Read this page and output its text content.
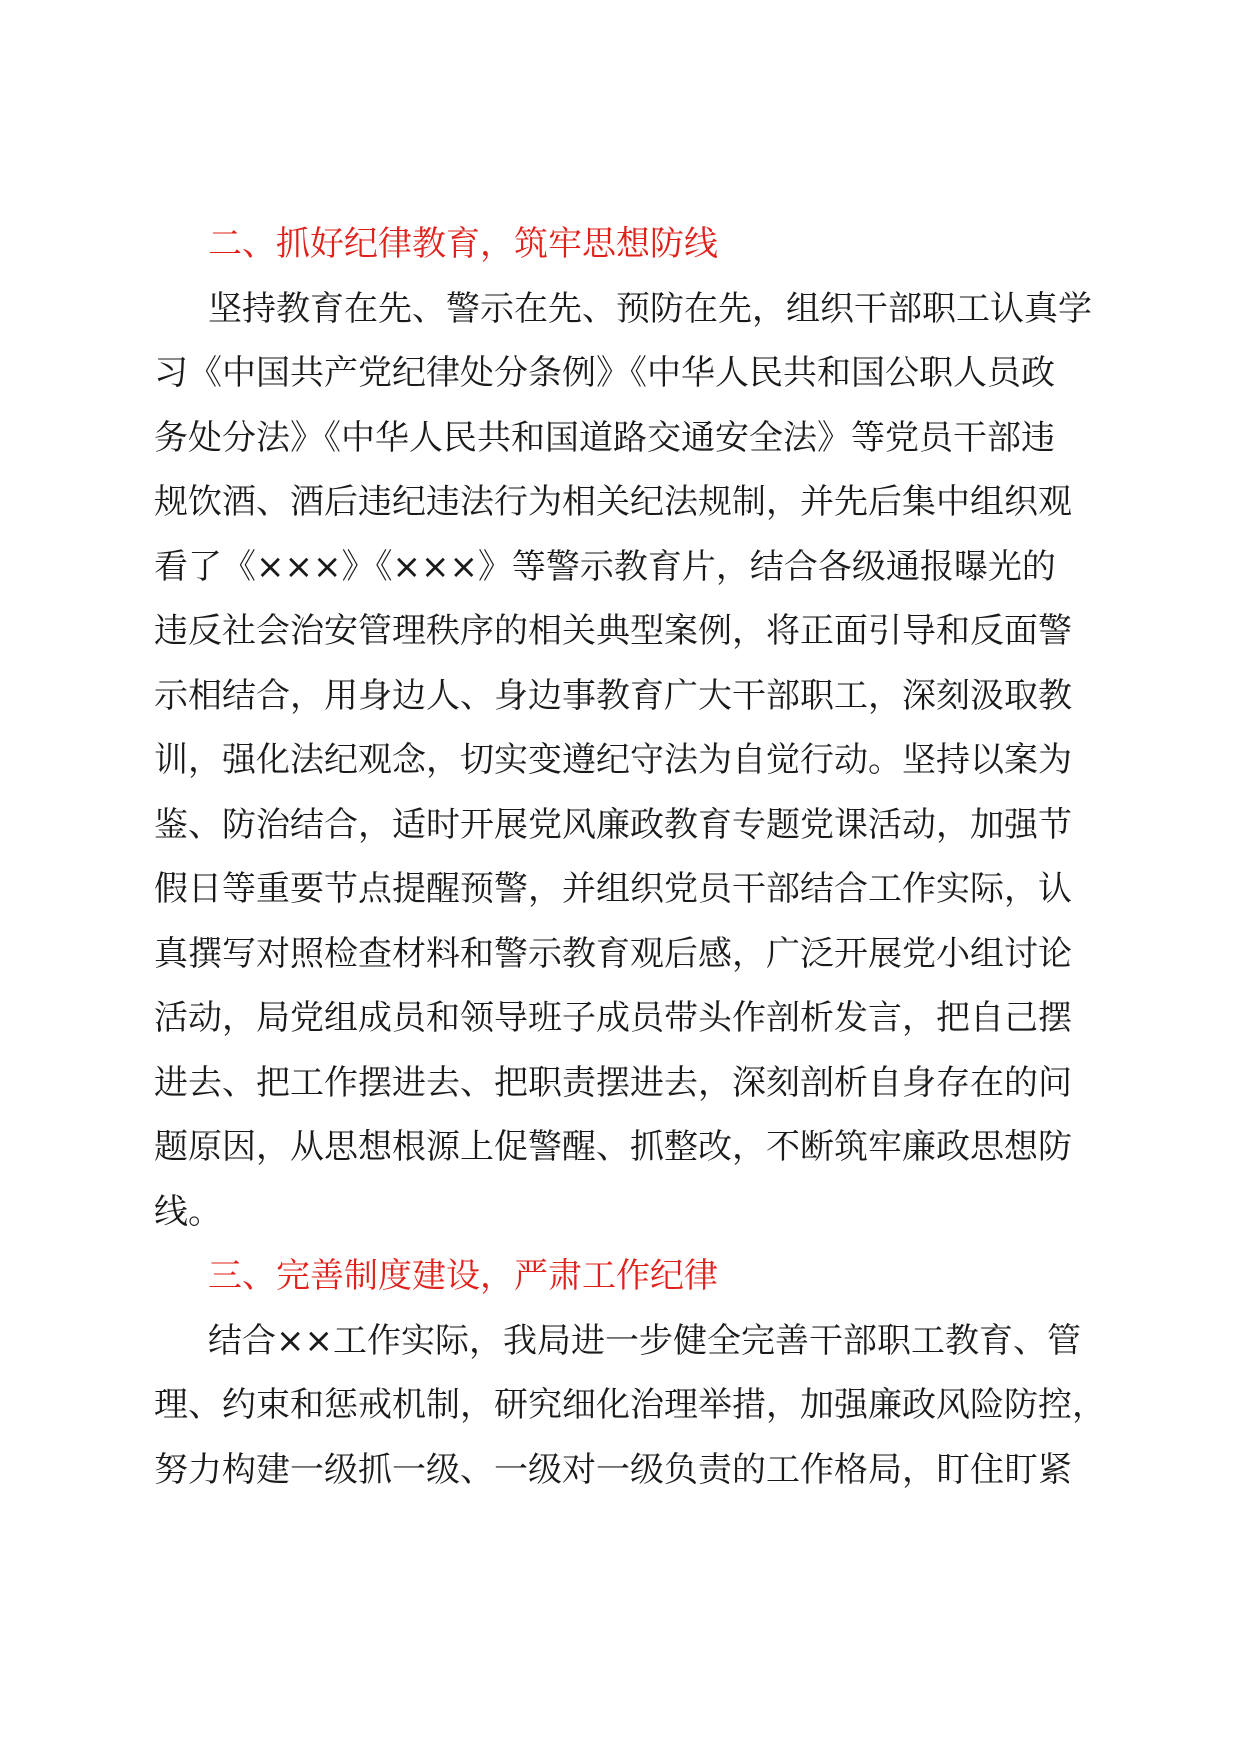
二、抓好纪律教育，筑牢思想防线
坚持教育在先、警示在先、预防在先，组织干部职工认真学
习《中国共产党纪律处分条例》《中华人民共和国公职人员政
务处分法》《中华人民共和国道路交通安全法》等党员干部违
规饮酒、酒后违纪违法行为相关纪法规制，并先后集中组织观
看了《×××》《×××》等警示教育片，结合各级通报曝光的
违反社会治安管理秩序的相关典型案例，将正面引导和反面警
示相结合，用身边人、身边事教育广大干部职工，深刻汲取教
训，强化法纪观念，切实变遵纪守法为自觉行动。坚持以案为
鉴、防治结合，适时开展党风廉政教育专题党课活动，加强节
假日等重要节点提醒预警，并组织党员干部结合工作实际，认
真撰写对照检查材料和警示教育观后感，广泛开展党小组讨论
活动，局党组成员和领导班子成员带头作剖析发言，把自己摆
进去、把工作摆进去、把职责摆进去，深刻剖析自身存在的问
题原因，从思想根源上促警醒、抓整改，不断筑牢廉政思想防
线。
三、完善制度建设，严肃工作纪律
结合××工作实际，我局进一步健全完善干部职工教育、管
理、约束和惩戒机制，研究细化治理举措，加强廉政风险防控，
努力构建一级抓一级、一级对一级负责的工作格局，盯住盯紧
